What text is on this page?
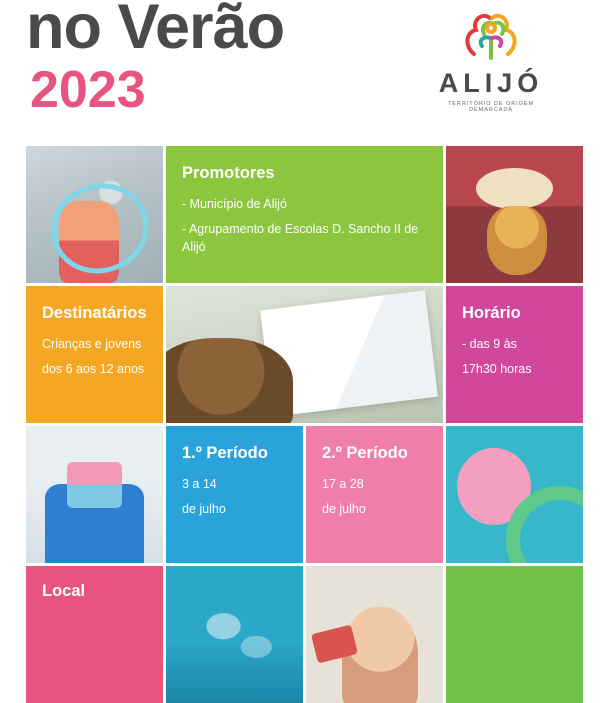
no Verão
2023	ALIJÓ
TERRITÓRIO DE ORIGEM DEMARCADA
Promotores
- Município de Alijó
- Agrupamento de Escolas D. Sancho II de Alijó
Destinatários
Crianças e jovens
dos 6 aos 12 anos
Horário
- das 9 às
17h30 horas
1.º Período
3 a 14
de julho
2.º Período
17 a 28
de julho
Local
